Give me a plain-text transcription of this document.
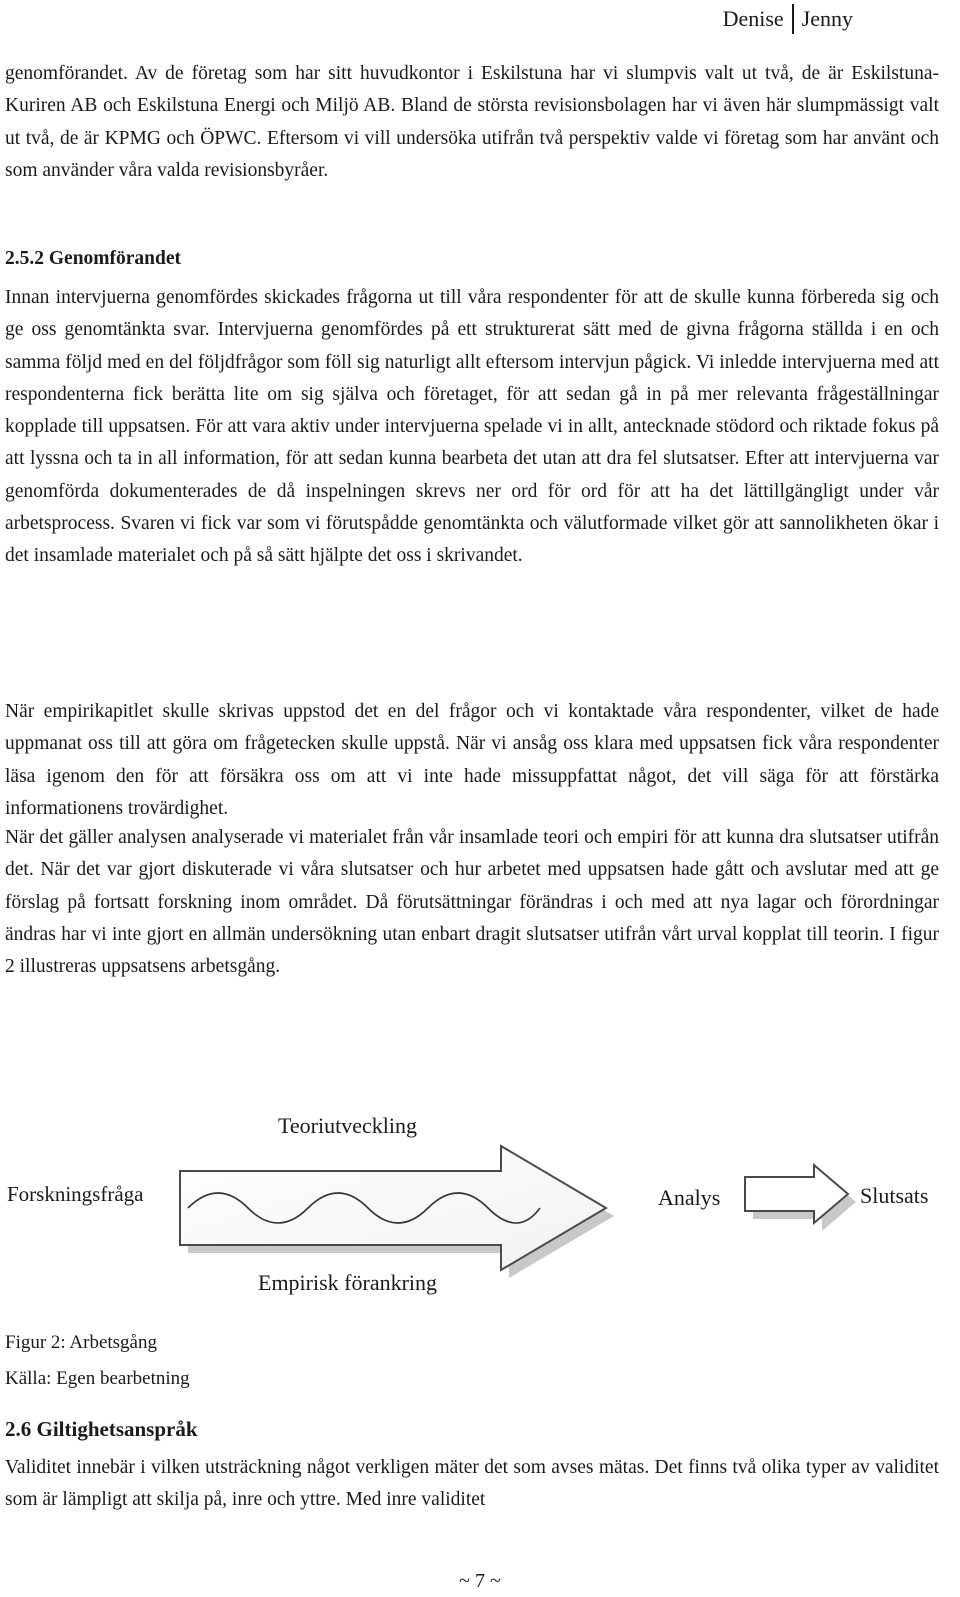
Denise Jenny

genomförandet. Av de företag som har sitt huvudkontor i Eskilstuna har vi slumpvis valt ut två, de är Eskilstuna-Kuriren AB och Eskilstuna Energi och Miljö AB. Bland de största revisionsbolagen har vi även här slumpmässigt valt ut två, de är KPMG och ÖPWC. Eftersom vi vill undersöka utifrån två perspektiv valde vi företag som har använt och som använder våra valda revisionsbyråer.

2.5.2 Genomförandet

Innan intervjuerna genomfördes skickades frågorna ut till våra respondenter för att de skulle kunna förbereda sig och ge oss genomtänkta svar. Intervjuerna genomfördes på ett strukturerat sätt med de givna frågorna ställda i en och samma följd med en del följdfrågor som föll sig naturligt allt eftersom intervjun pågick. Vi inledde intervjuerna med att respondenterna fick berätta lite om sig själva och företaget, för att sedan gå in på mer relevanta frågeställningar kopplade till uppsatsen. För att vara aktiv under intervjuerna spelade vi in allt, antecknade stödord och riktade fokus på att lyssna och ta in all information, för att sedan kunna bearbeta det utan att dra fel slutsatser. Efter att intervjuerna var genomförda dokumenterades de då inspelningen skrevs ner ord för ord för att ha det lättillgängligt under vår arbetsprocess. Svaren vi fick var som vi förutspådde genomtänkta och välutformade vilket gör att sannolikheten ökar i det insamlade materialet och på så sätt hjälpte det oss i skrivandet.

När empirikapitlet skulle skrivas uppstod det en del frågor och vi kontaktade våra respondenter, vilket de hade uppmanat oss till att göra om frågetecken skulle uppstå. När vi ansåg oss klara med uppsatsen fick våra respondenter läsa igenom den för att försäkra oss om att vi inte hade missuppfattat något, det vill säga för att förstärka informationens trovärdighet.

När det gäller analysen analyserade vi materialet från vår insamlade teori och empiri för att kunna dra slutsatser utifrån det. När det var gjort diskuterade vi våra slutsatser och hur arbetet med uppsatsen hade gått och avslutar med att ge förslag på fortsatt forskning inom området. Då förutsättningar förändras i och med att nya lagar och förordningar ändras har vi inte gjort en allmän undersökning utan enbart dragit slutsatser utifrån vårt urval kopplat till teorin. I figur 2 illustreras uppsatsens arbetsgång.

Teoriutveckling
Forskningsfråga
Empirisk förankring
Analys	Slutsats

Figur 2: Arbetsgång

Källa: Egen bearbetning

2.6 Giltighetsanspråk

Validitet innebär i vilken utsträckning något verkligen mäter det som avses mätas. Det finns två olika typer av validitet som är lämpligt att skilja på, inre och yttre. Med inre validitet

~ 7 ~
